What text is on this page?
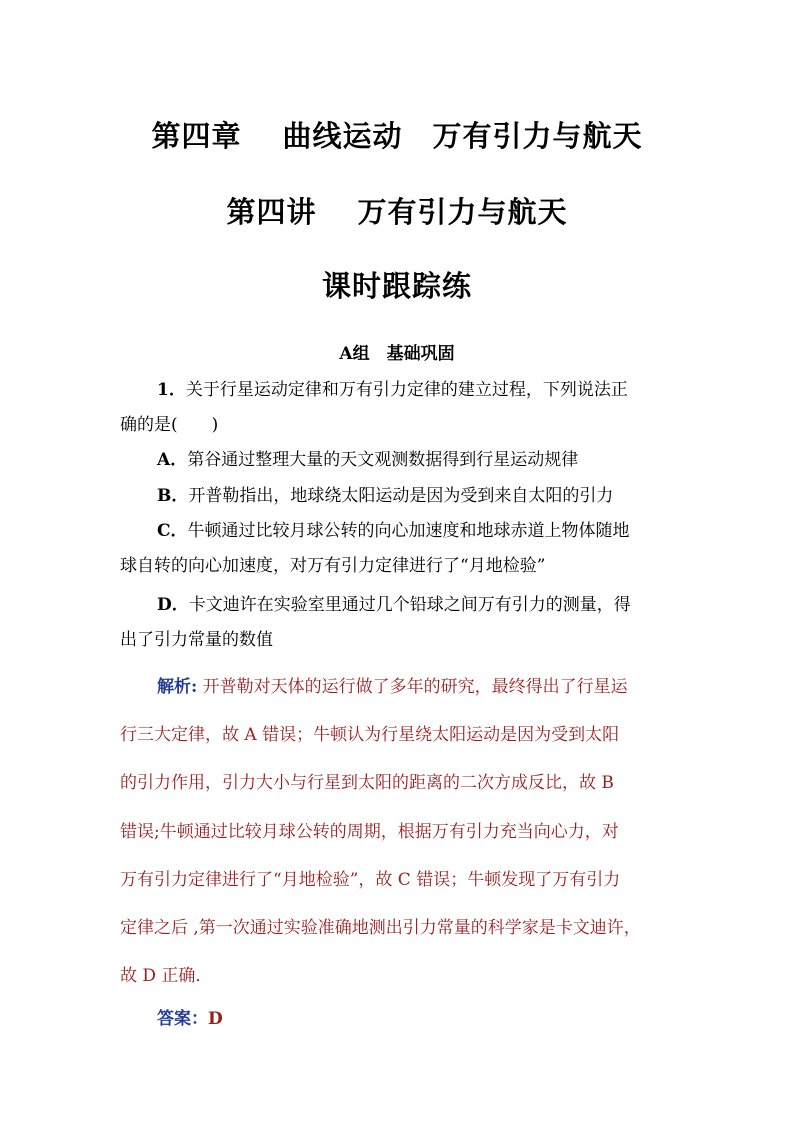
第四章　 曲线运动　万有引力与航天
第四讲　 万有引力与航天
课时跟踪练
A组　基础巩固
1．关于行星运动定律和万有引力定律的建立过程，下列说法正
确的是(　　)
A．第谷通过整理大量的天文观测数据得到行星运动规律
B．开普勒指出，地球绕太阳运动是因为受到来自太阳的引力
C．牛顿通过比较月球公转的向心加速度和地球赤道上物体随地
球自转的向心加速度，对万有引力定律进行了“月地检验”
D．卡文迪许在实验室里通过几个铅球之间万有引力的测量，得
出了引力常量的数值
解析: 开普勒对天体的运行做了多年的研究，最终得出了行星运
行三大定律，故 A 错误；牛顿认为行星绕太阳运动是因为受到太阳
的引力作用，引力大小与行星到太阳的距离的二次方成反比，故 B
错误;牛顿通过比较月球公转的周期，根据万有引力充当向心力，对
万有引力定律进行了“月地检验”，故 C 错误；牛顿发现了万有引力
定律之后 ,第一次通过实验准确地测出引力常量的科学家是卡文迪许，
故 D 正确．
答案：D
